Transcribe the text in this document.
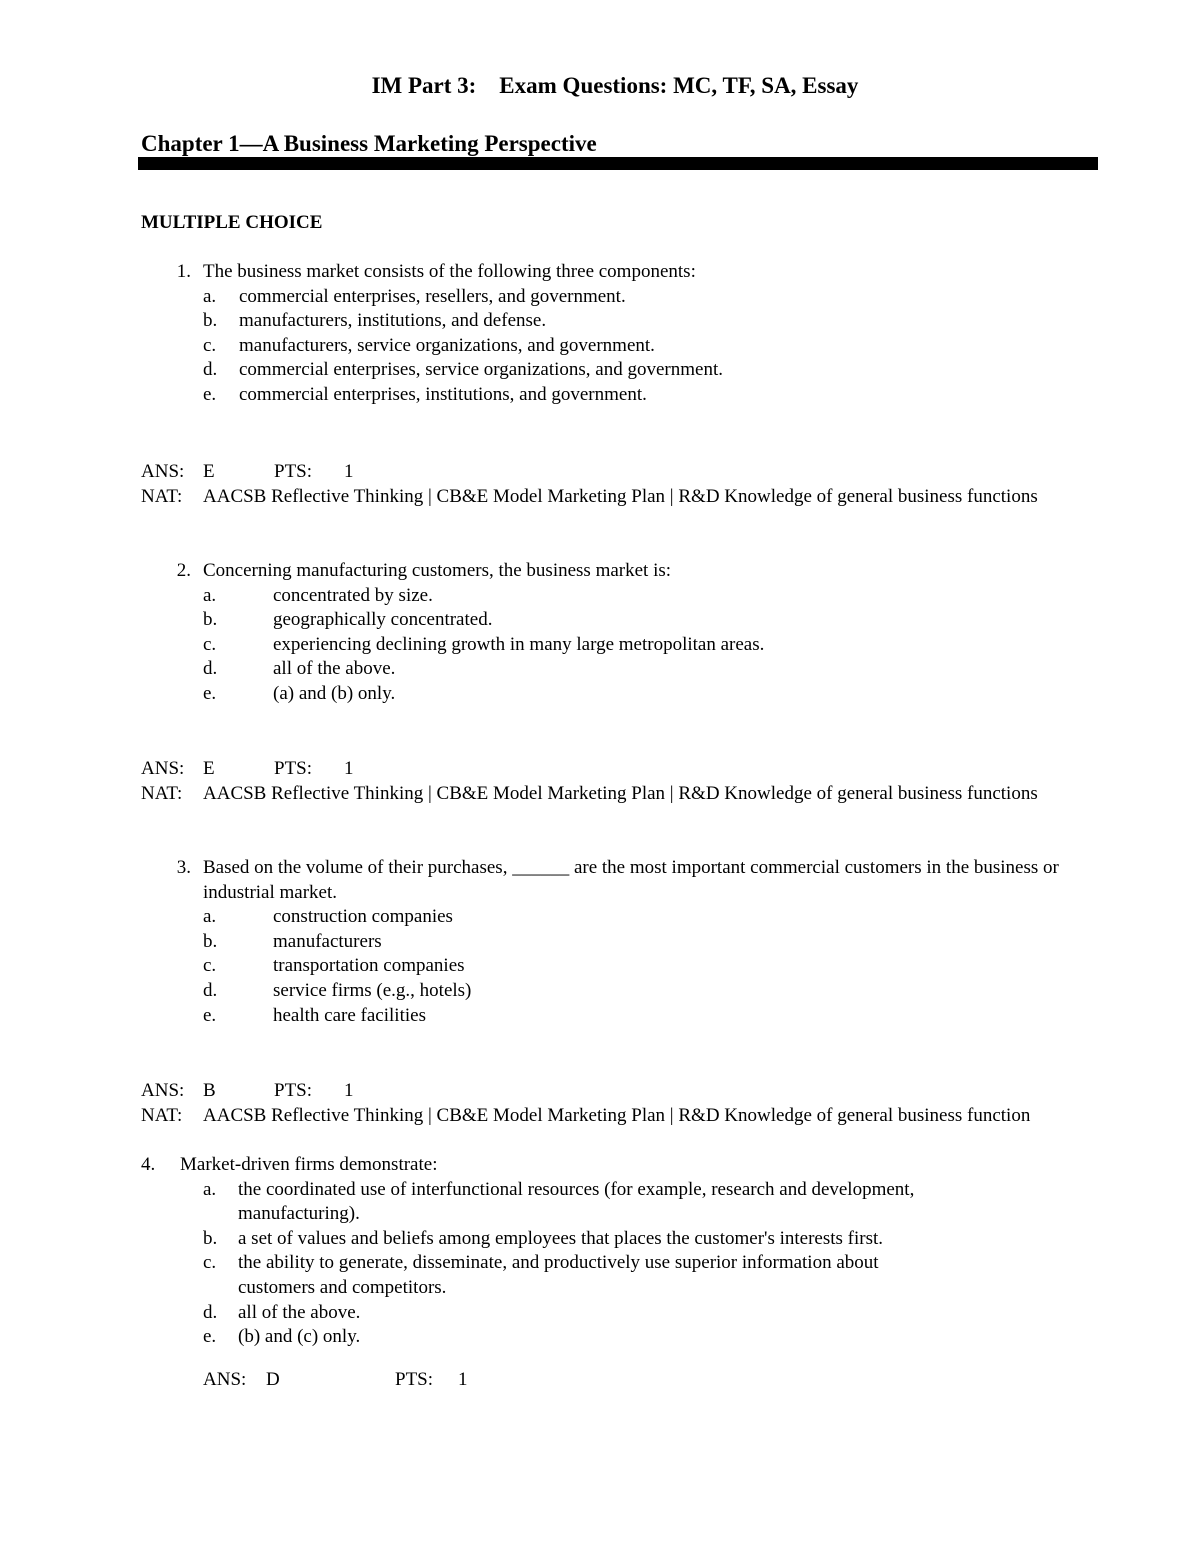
IM Part 3:    Exam Questions: MC, TF, SA, Essay
Chapter 1—A Business Marketing Perspective
MULTIPLE CHOICE
1. The business market consists of the following three components:
a. commercial enterprises, resellers, and government.
b. manufacturers, institutions, and defense.
c. manufacturers, service organizations, and government.
d. commercial enterprises, service organizations, and government.
e. commercial enterprises, institutions, and government.
ANS: E	PTS: 1
NAT: AACSB Reflective Thinking | CB&E Model Marketing Plan | R&D Knowledge of general business functions
2. Concerning manufacturing customers, the business market is:
a.	concentrated by size.
b.	geographically concentrated.
c.	experiencing declining growth in many large metropolitan areas.
d.	all of the above.
e.	(a) and (b) only.
ANS: E	PTS: 1
NAT: AACSB Reflective Thinking | CB&E Model Marketing Plan | R&D Knowledge of general business functions
3. Based on the volume of their purchases, ______ are the most important commercial customers in the business or industrial market.
a.	construction companies
b.	manufacturers
c.	transportation companies
d.	service firms (e.g., hotels)
e.	health care facilities
ANS: B	PTS: 1
NAT: AACSB Reflective Thinking | CB&E Model Marketing Plan | R&D Knowledge of general business function
4. Market-driven firms demonstrate:
a. the coordinated use of interfunctional resources (for example, research and development,
manufacturing).
b. a set of values and beliefs among employees that places the customer's interests first.
c. the ability to generate, disseminate, and productively use superior information about
customers and competitors.
d. all of the above.
e. (b) and (c) only.
ANS: D	PTS: 1
